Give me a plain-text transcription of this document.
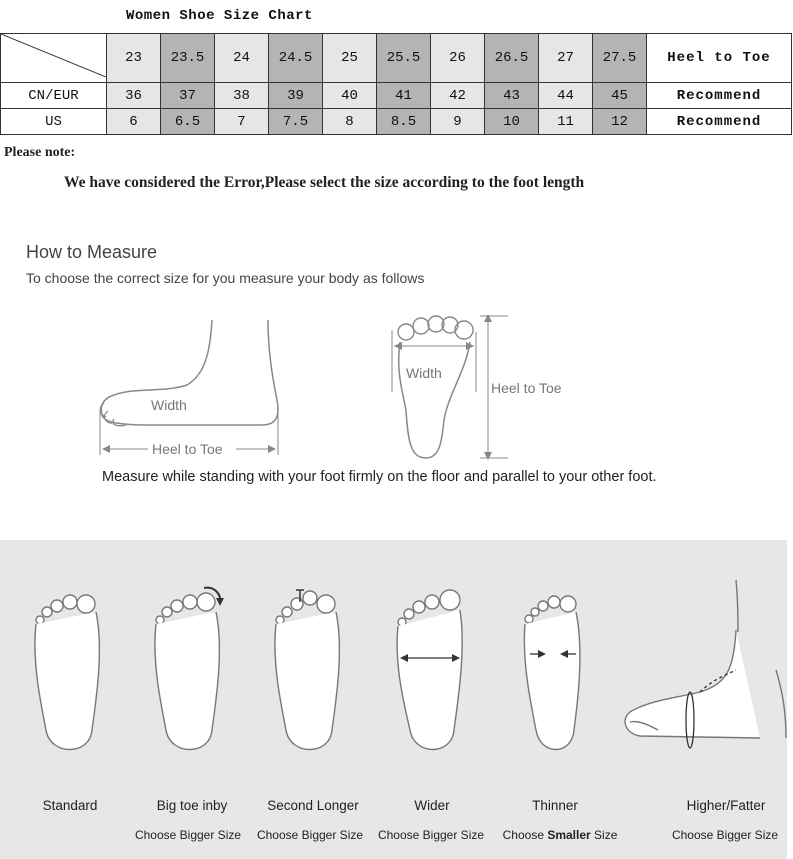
Women Shoe Size Chart
	23	23.5	24	24.5	25	25.5	26	26.5	27	27.5	Heel to Toe
CN/EUR	36	37	38	39	40	41	42	43	44	45	Recommend
US	6	6.5	7	7.5	8	8.5	9	10	11	12	Recommend
Please note:
We have considered the Error,Please select the size according to the foot length
How to Measure
To choose the correct size for you measure your body as follows
Width
Heel to Toe
Width
Heel to Toe
Measure while standing with your foot firmly on the floor and parallel to your other foot.
Standard	Big toe inby
Choose Bigger Size
Second Longer
Choose Bigger Size
Wider
Choose Bigger Size
Thinner
Choose Smaller Size
Higher/Fatter
Choose Bigger Size
